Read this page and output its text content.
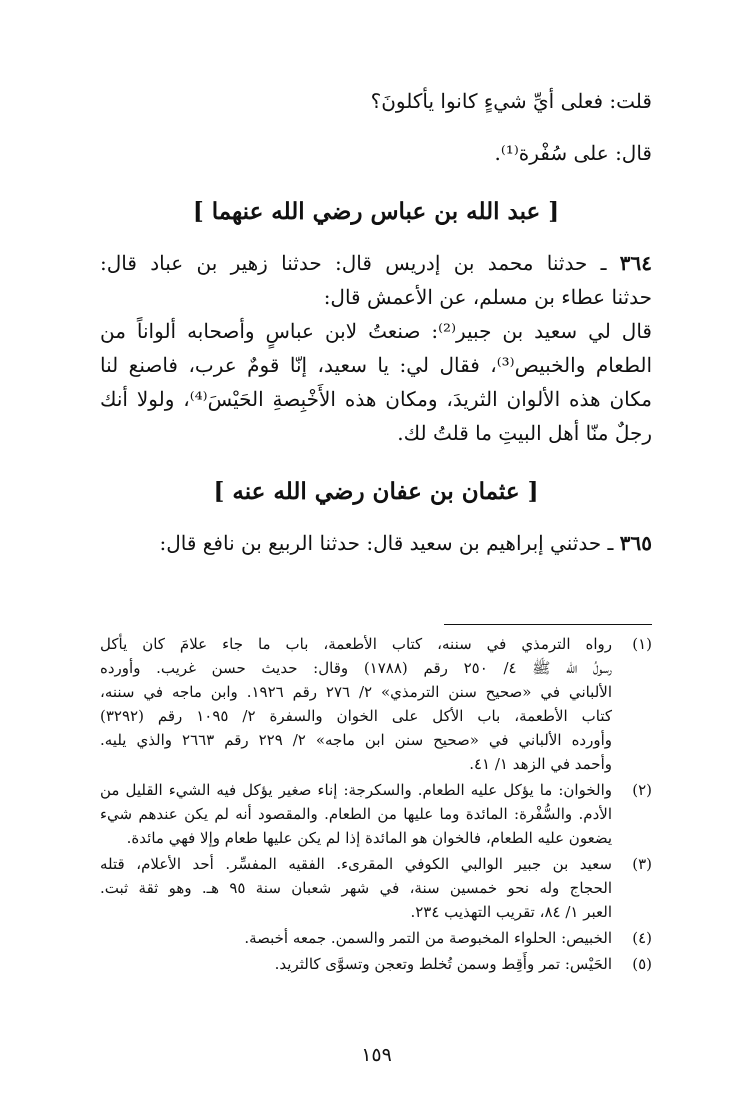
قلت: فعلى أيِّ شيءٍ كانوا يأكلونَ؟

قال: على سُفْرة⁽¹⁾.

[ عبد الله بن عباس رضي الله عنهما ]

٣٦٤ ـ حدثنا محمد بن إدريس قال: حدثنا زهير بن عباد قال:

حدثنا عطاء بن مسلم، عن الأعمش قال:

قال لي سعيد بن جبير⁽²⁾: صنعتُ لابن عباسٍ وأصحابه ألواناً من

الطعام والخبيص⁽³⁾، فقال لي: يا سعيد، إنّا قومٌ عرب، فاصنع لنا

مكان هذه الألوان الثريدَ، ومكان هذه الأَخْبِصةِ الحَيْسَ⁽⁴⁾، ولولا أنك

رجلٌ منّا أهل البيتِ ما قلتُ لك.

[ عثمان بن عفان رضي الله عنه ]

٣٦٥ ـ حدثني إبراهيم بن سعيد قال: حدثنا الربيع بن نافع قال:

(١)
رواه الترمذي في سننه، كتاب الأطعمة، باب ما جاء علامَ كان يأكل
رسولُ الله ﷺ ٤/ ٢٥٠ رقم (١٧٨٨) وقال: حديث حسن غريب. وأورده
الألباني في «صحيح سنن الترمذي» ٢/ ٢٧٦ رقم ١٩٢٦. وابن ماجه في سننه،
كتاب الأطعمة، باب الأكل على الخوان والسفرة ٢/ ١٠٩٥ رقم (٣٢٩٢)
وأورده الألباني في «صحيح سنن ابن ماجه» ٢/ ٢٢٩ رقم ٢٦٦٣ والذي يليه.
وأحمد في الزهد ١/ ٤١.
(٢)
والخوان: ما يؤكل عليه الطعام. والسكرجة: إناء صغير يؤكل فيه الشيء القليل من
الأدم. والسُّفْرة: المائدة وما عليها من الطعام. والمقصود أنه لم يكن عندهم شيء
يضعون عليه الطعام، فالخوان هو المائدة إذا لم يكن عليها طعام وإلا فهي مائدة.
(٣)
سعيد بن جبير الوالبي الكوفي المقرىء. الفقيه المفسِّر. أحد الأعلام، قتله
الحجاج وله نحو خمسين سنة، في شهر شعبان سنة ٩٥ هـ. وهو ثقة ثبت.
العبر ١/ ٨٤، تقريب التهذيب ٢٣٤.
(٤)
الخبيص: الحلواء المخبوصة من التمر والسمن. جمعه أخبصة.
(٥)
الحَيْس: تمر وأَقِط وسمن تُخلط وتعجن وتسوَّى كالثريد.
١٥٩
